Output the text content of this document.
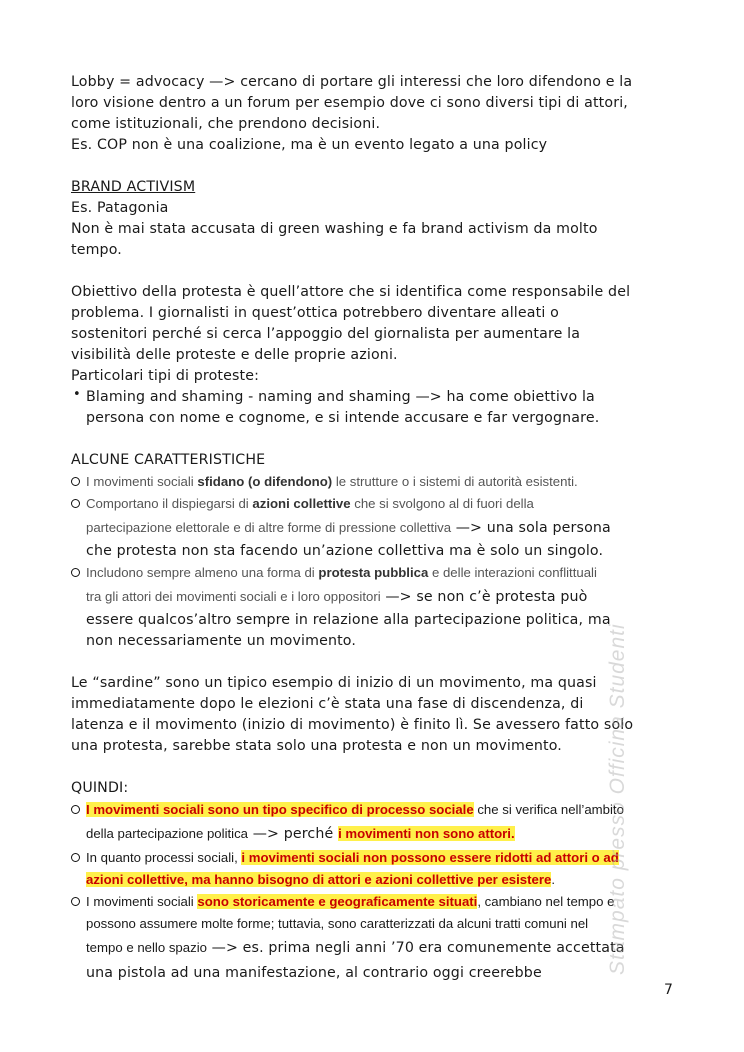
Lobby = advocacy —> cercano di portare gli interessi che loro difendono e la
loro visione dentro a un forum per esempio dove ci sono diversi tipi di attori,
come istituzionali, che prendono decisioni.
Es. COP non è una coalizione, ma è un evento legato a una policy
BRAND ACTIVISM
Es. Patagonia
Non è mai stata accusata di green washing e fa brand activism da molto
tempo.
Obiettivo della protesta è quell’attore che si identifica come responsabile del
problema. I giornalisti in quest’ottica potrebbero diventare alleati o
sostenitori perché si cerca l’appoggio del giornalista per aumentare la
visibilità delle proteste e delle proprie azioni.
Particolari tipi di proteste:
• Blaming and shaming - naming and shaming —> ha come obiettivo la
persona con nome e cognome, e si intende accusare e far vergognare.
ALCUNE CARATTERISTICHE
I movimenti sociali sfidano (o difendono) le strutture o i sistemi di autorità esistenti.
Comportano il dispiegarsi di azioni collettive che si svolgono al di fuori della
partecipazione elettorale e di altre forme di pressione collettiva —> una sola persona
che protesta non sta facendo un’azione collettiva ma è solo un singolo.
Includono sempre almeno una forma di protesta pubblica e delle interazioni conflittuali
tra gli attori dei movimenti sociali e i loro oppositori —> se non c’è protesta può
essere qualcos’altro sempre in relazione alla partecipazione politica, ma
non necessariamente un movimento.
Le “sardine” sono un tipico esempio di inizio di un movimento, ma quasi
immediatamente dopo le elezioni c’è stata una fase di discendenza, di
latenza e il movimento (inizio di movimento) è finito lì. Se avessero fatto solo
una protesta, sarebbe stata solo una protesta e non un movimento.
QUINDI:
I movimenti sociali sono un tipo specifico di processo sociale che si verifica nell’ambito
della partecipazione politica —> perché i movimenti non sono attori.
In quanto processi sociali, i movimenti sociali non possono essere ridotti ad attori o ad
azioni collettive, ma hanno bisogno di attori e azioni collettive per esistere.
I movimenti sociali sono storicamente e geograficamente situati, cambiano nel tempo e
possono assumere molte forme; tuttavia, sono caratterizzati da alcuni tratti comuni nel
tempo e nello spazio —> es. prima negli anni ’70 era comunemente accettata
una pistola ad una manifestazione, al contrario oggi creerebbe	Stampato presso Officina Studenti
7
